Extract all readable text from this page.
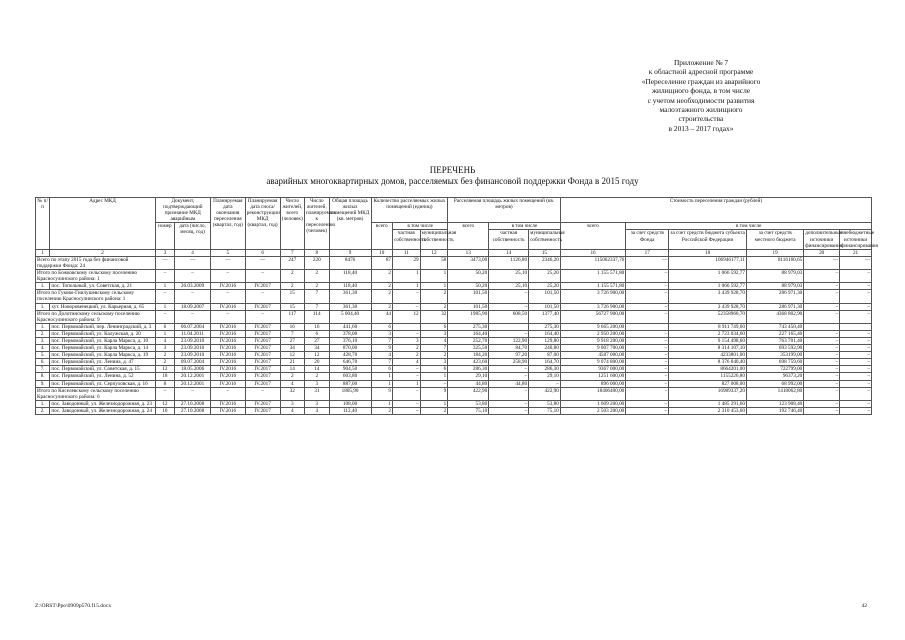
Приложение № 7
к областной адресной программе
«Переселение граждан из аварийного
жилищного фонда, в том числе
с учетом необходимости развития
малоэтажного жилищного
строительства
в 2013 – 2017 годах»
ПЕРЕЧЕНЬ
аварийных многоквартирных домов, расселяемых без финансовой поддержки Фонда в 2015 году
№ п/п	Адрес МКД	Документ, подтверждающий признание МКД аварийным		Планируемая дата окончания переселения (квартал, год)	Планируемая дата сноса/реконструкции МКД (квартал, год)	Число жителей, всего (человек)	Число жителей, планируемых к переселению (человек)	Общая площадь жилых помещений МКД (кв. метров)	Количество расселяемых жилых помещений (единиц)			Расселяемая площадь жилых помещений (кв. метров)			Стоимость переселения граждан (рублей)					
		номер	дата (число, месяц, год)						всего	в том числе		всего	в том числе		всего	в том числе				
										частная собственность	муниципальная собственность		частная собственность	муниципальная собственность		за счет средств Фонда	за счет средств бюджета субъекта Российской Федерации	за счет средств местного бюджета	дополнительные источники финансирования	внебюджетные источники финансирования
1	2	3	4	5	6	7	8	9	10	11	12	13	14	15	16	17	18	19	20	21
Всего по этапу 2015 года без финансовой поддержки Фонда: 24		—	—	—	—	247	220	8476	87	29	58	3473,00	1126,80	2346,20	115062337,76	—	106946177,11	8116160,65	—	—
Итого по Божковскому сельскому поселению Красносулинского района: 1		–	–	–	–	2	2	118,40	2	1	1	50,20	25,10	25,20	1 155 571,80	–	1 066 592,77	88 979,03	–	–
1.	пос. Топольный, ул. Советская, д. 21	1	26.03.2009	IV.2016	IV.2017	2	2	118,40	2	1	1	50,20	25,10	25,20	1 155 571,80	–	1 066 592,77	88 979,03	–	–
Итого по Гуково-Гнилушевскому сельскому поселению Красносулинского района: 1		–	–	–	–	15	7	361,30	2	–	2	101,50	–	101,50	3 726 900,00	–	3 439 928,70	286 971,30	–	–
1.	хут. Новоровенецкий, ул. Карьерная, д. 65	1	18.09.2007	IV.2016	IV.2017	15	7	361,30	2	–	2	101,50	–	101,50	3 726 900,00	–	3 439 928,70	286 971,30	–	–
Итого по Долотинскому сельскому поселению Красносулинского района: 9		–	–	–	–	117	114	5 004,40	44	12	32	1985,90	608,50	1377,40	56727 900,00	–	52358960,70	4368 802,90	–	–
1.	пос. Первомайский, пер. Ленинградский, д. 3	6	06.07.2004	IV.2016	IV.2017	16	16	441,60	6		6	275,30		275,30	9 665 200,00		8 911 749,60	743 450,40		
2.	пос. Первомайский, ул. Калужская, д. 20	1	11.04.2011	IV.2016	IV.2017	7	6	378,00	3	–	3	164,40	–	164,40	2 950 200,00	–	2 723 034,60	227 165,40	–	–
3.	пос. Первомайский, ул. Карла Маркса, д. 10	4	23.09.2010	IV.2016	IV.2017	27	27	376,10	7	3	4	252,70	122,90	129,80	9 918 200,00	–	9 154 498,60	763 701,40	–	–
4.	пос. Первомайский, ул. Карла Маркса, д. 14	3	23.09.2010	IV.2016	IV.2017	34	34	870,00	9	2	7	325,50	84,70	240,80	9 007 700,00	–	8 314 107,10	693 592,90	–	–
5.	пос. Первомайский, ул. Карла Маркса, д. 19	2	23.09.2010	IV.2016	IV.2017	12	12	428,70	4	2	2	184,20	97,20	87,00	4587 000,00	–	4233801,00	353199,00	–	–
6.	пос. Первомайский, ул. Ленина, д. 47	2	09.07.2004	IV.2016	IV.2017	21	20	646,70	7	4	3	423,60	258,90	164,70	9 074 800,00	–	8 376 040,40	698 759,60	–	–
7.	пос. Первомайский, ул. Советская, д. 15	12	18.05.2006	IV.2016	IV.2017	14	14	904,50	6	–	6	286,30	–	286,30	9367 000,00	–	8664201,00	722799,00	–	–
8.	пос. Первомайский, ул. Ленина, д. 52	18	20.12.2001	IV.2016	IV.2017	2	2	603,80	1	–	1	29,10	–	29,10	1251 600,00	–	1155226,80	96373,20	–	–
9.	пос. Первомайский, ул. Серпуховская, д. 16	8	20.12.2001	IV.2016	IV.2017	4	3	887,00	1	1	–	44,80	44,80	–	896 000,00	–	827 008,00	68 992,00	–	–
Итого по Киселевскому сельскому поселению Красносулинского района: 6		–	–	–	–	32	31	1805,90	9	–	9	422,90	–	422,90	18406400,00	–	16989337,20	1418062,80	–	–
1.	пос. Заводонный, ул. Железнодорожная, д. 23	12	27.10.2008	IV.2016	IV.2017	3	3	108,00	1	–	1	53,80	–	53,80	1 609 200,00	–	1 485 291,60	123 908,40	–	–
2.	пос. Заводонный, ул. Железнодорожная, д. 24	10	27.10.2008	IV.2016	IV.2017	4	4	112,40	2	–	2	75,10	–	75,10	2 503 200,00	–	2 310 453,60	192 746,40	–	–
Z:\ORST\Ppo\0909p570.f15.docx	42
